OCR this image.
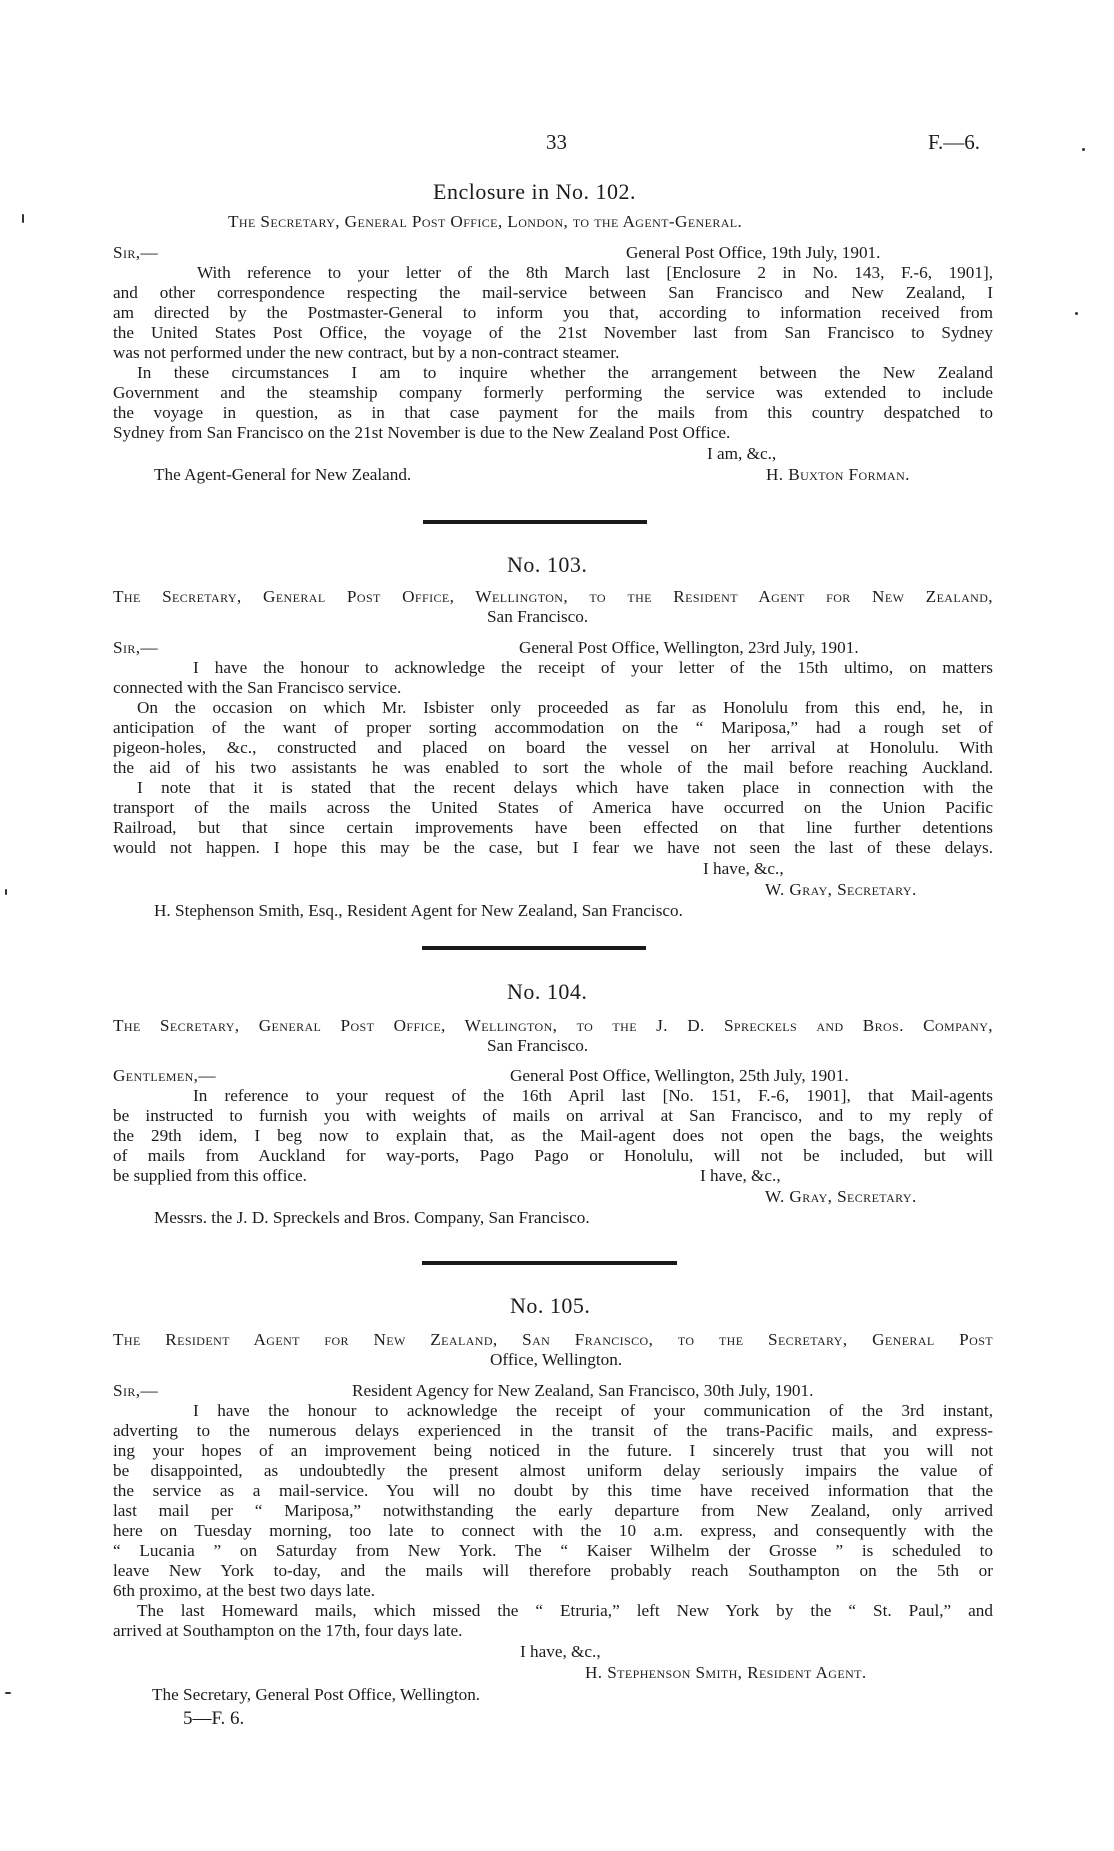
33	F.—6.
Enclosure in No. 102.
The Secretary, General Post Office, London, to the Agent-General.
Sir,—	General Post Office, 19th July, 1901.
With reference to your letter of the 8th March last [Enclosure 2 in No. 143, F.-6, 1901],
and other correspondence respecting the mail-service between San Francisco and New Zealand, I
am directed by the Postmaster-General to inform you that, according to information received from
the United States Post Office, the voyage of the 21st November last from San Francisco to Sydney
was not performed under the new contract, but by a non-contract steamer.
In these circumstances I am to inquire whether the arrangement between the New Zealand
Government and the steamship company formerly performing the service was extended to include
the voyage in question, as in that case payment for the mails from this country despatched to
Sydney from San Francisco on the 21st November is due to the New Zealand Post Office.
I am, &c.,
The Agent-General for New Zealand.	H. Buxton Forman.
No. 103.
The Secretary, General Post Office, Wellington, to the Resident Agent for New Zealand,
San Francisco.
Sir,—	General Post Office, Wellington, 23rd July, 1901.
I have the honour to acknowledge the receipt of your letter of the 15th ultimo, on matters
connected with the San Francisco service.
On the occasion on which Mr. Isbister only proceeded as far as Honolulu from this end, he, in
anticipation of the want of proper sorting accommodation on the “ Mariposa,” had a rough set of
pigeon-holes, &c., constructed and placed on board the vessel on her arrival at Honolulu. With
the aid of his two assistants he was enabled to sort the whole of the mail before reaching Auckland.
I note that it is stated that the recent delays which have taken place in connection with the
transport of the mails across the United States of America have occurred on the Union Pacific
Railroad, but that since certain improvements have been effected on that line further detentions
would not happen. I hope this may be the case, but I fear we have not seen the last of these delays.
I have, &c.,
W. Gray, Secretary.
H. Stephenson Smith, Esq., Resident Agent for New Zealand, San Francisco.
No. 104.
The Secretary, General Post Office, Wellington, to the J. D. Spreckels and Bros. Company,
San Francisco.
Gentlemen,—	General Post Office, Wellington, 25th July, 1901.
In reference to your request of the 16th April last [No. 151, F.-6, 1901], that Mail-agents
be instructed to furnish you with weights of mails on arrival at San Francisco, and to my reply of
the 29th idem, I beg now to explain that, as the Mail-agent does not open the bags, the weights
of mails from Auckland for way-ports, Pago Pago or Honolulu, will not be included, but will
be supplied from this office.	I have, &c.,
W. Gray, Secretary.
Messrs. the J. D. Spreckels and Bros. Company, San Francisco.
No. 105.
The Resident Agent for New Zealand, San Francisco, to the Secretary, General Post
Office, Wellington.
Sir,—	Resident Agency for New Zealand, San Francisco, 30th July, 1901.
I have the honour to acknowledge the receipt of your communication of the 3rd instant,
adverting to the numerous delays experienced in the transit of the trans-Pacific mails, and express-
ing your hopes of an improvement being noticed in the future. I sincerely trust that you will not
be disappointed, as undoubtedly the present almost uniform delay seriously impairs the value of
the service as a mail-service. You will no doubt by this time have received information that the
last mail per “ Mariposa,” notwithstanding the early departure from New Zealand, only arrived
here on Tuesday morning, too late to connect with the 10 a.m. express, and consequently with the
“ Lucania ” on Saturday from New York. The “ Kaiser Wilhelm der Grosse ” is scheduled to
leave New York to-day, and the mails will therefore probably reach Southampton on the 5th or
6th proximo, at the best two days late.
The last Homeward mails, which missed the “ Etruria,” left New York by the “ St. Paul,” and
arrived at Southampton on the 17th, four days late.
I have, &c.,
H. Stephenson Smith, Resident Agent.
The Secretary, General Post Office, Wellington.
5—F. 6.
